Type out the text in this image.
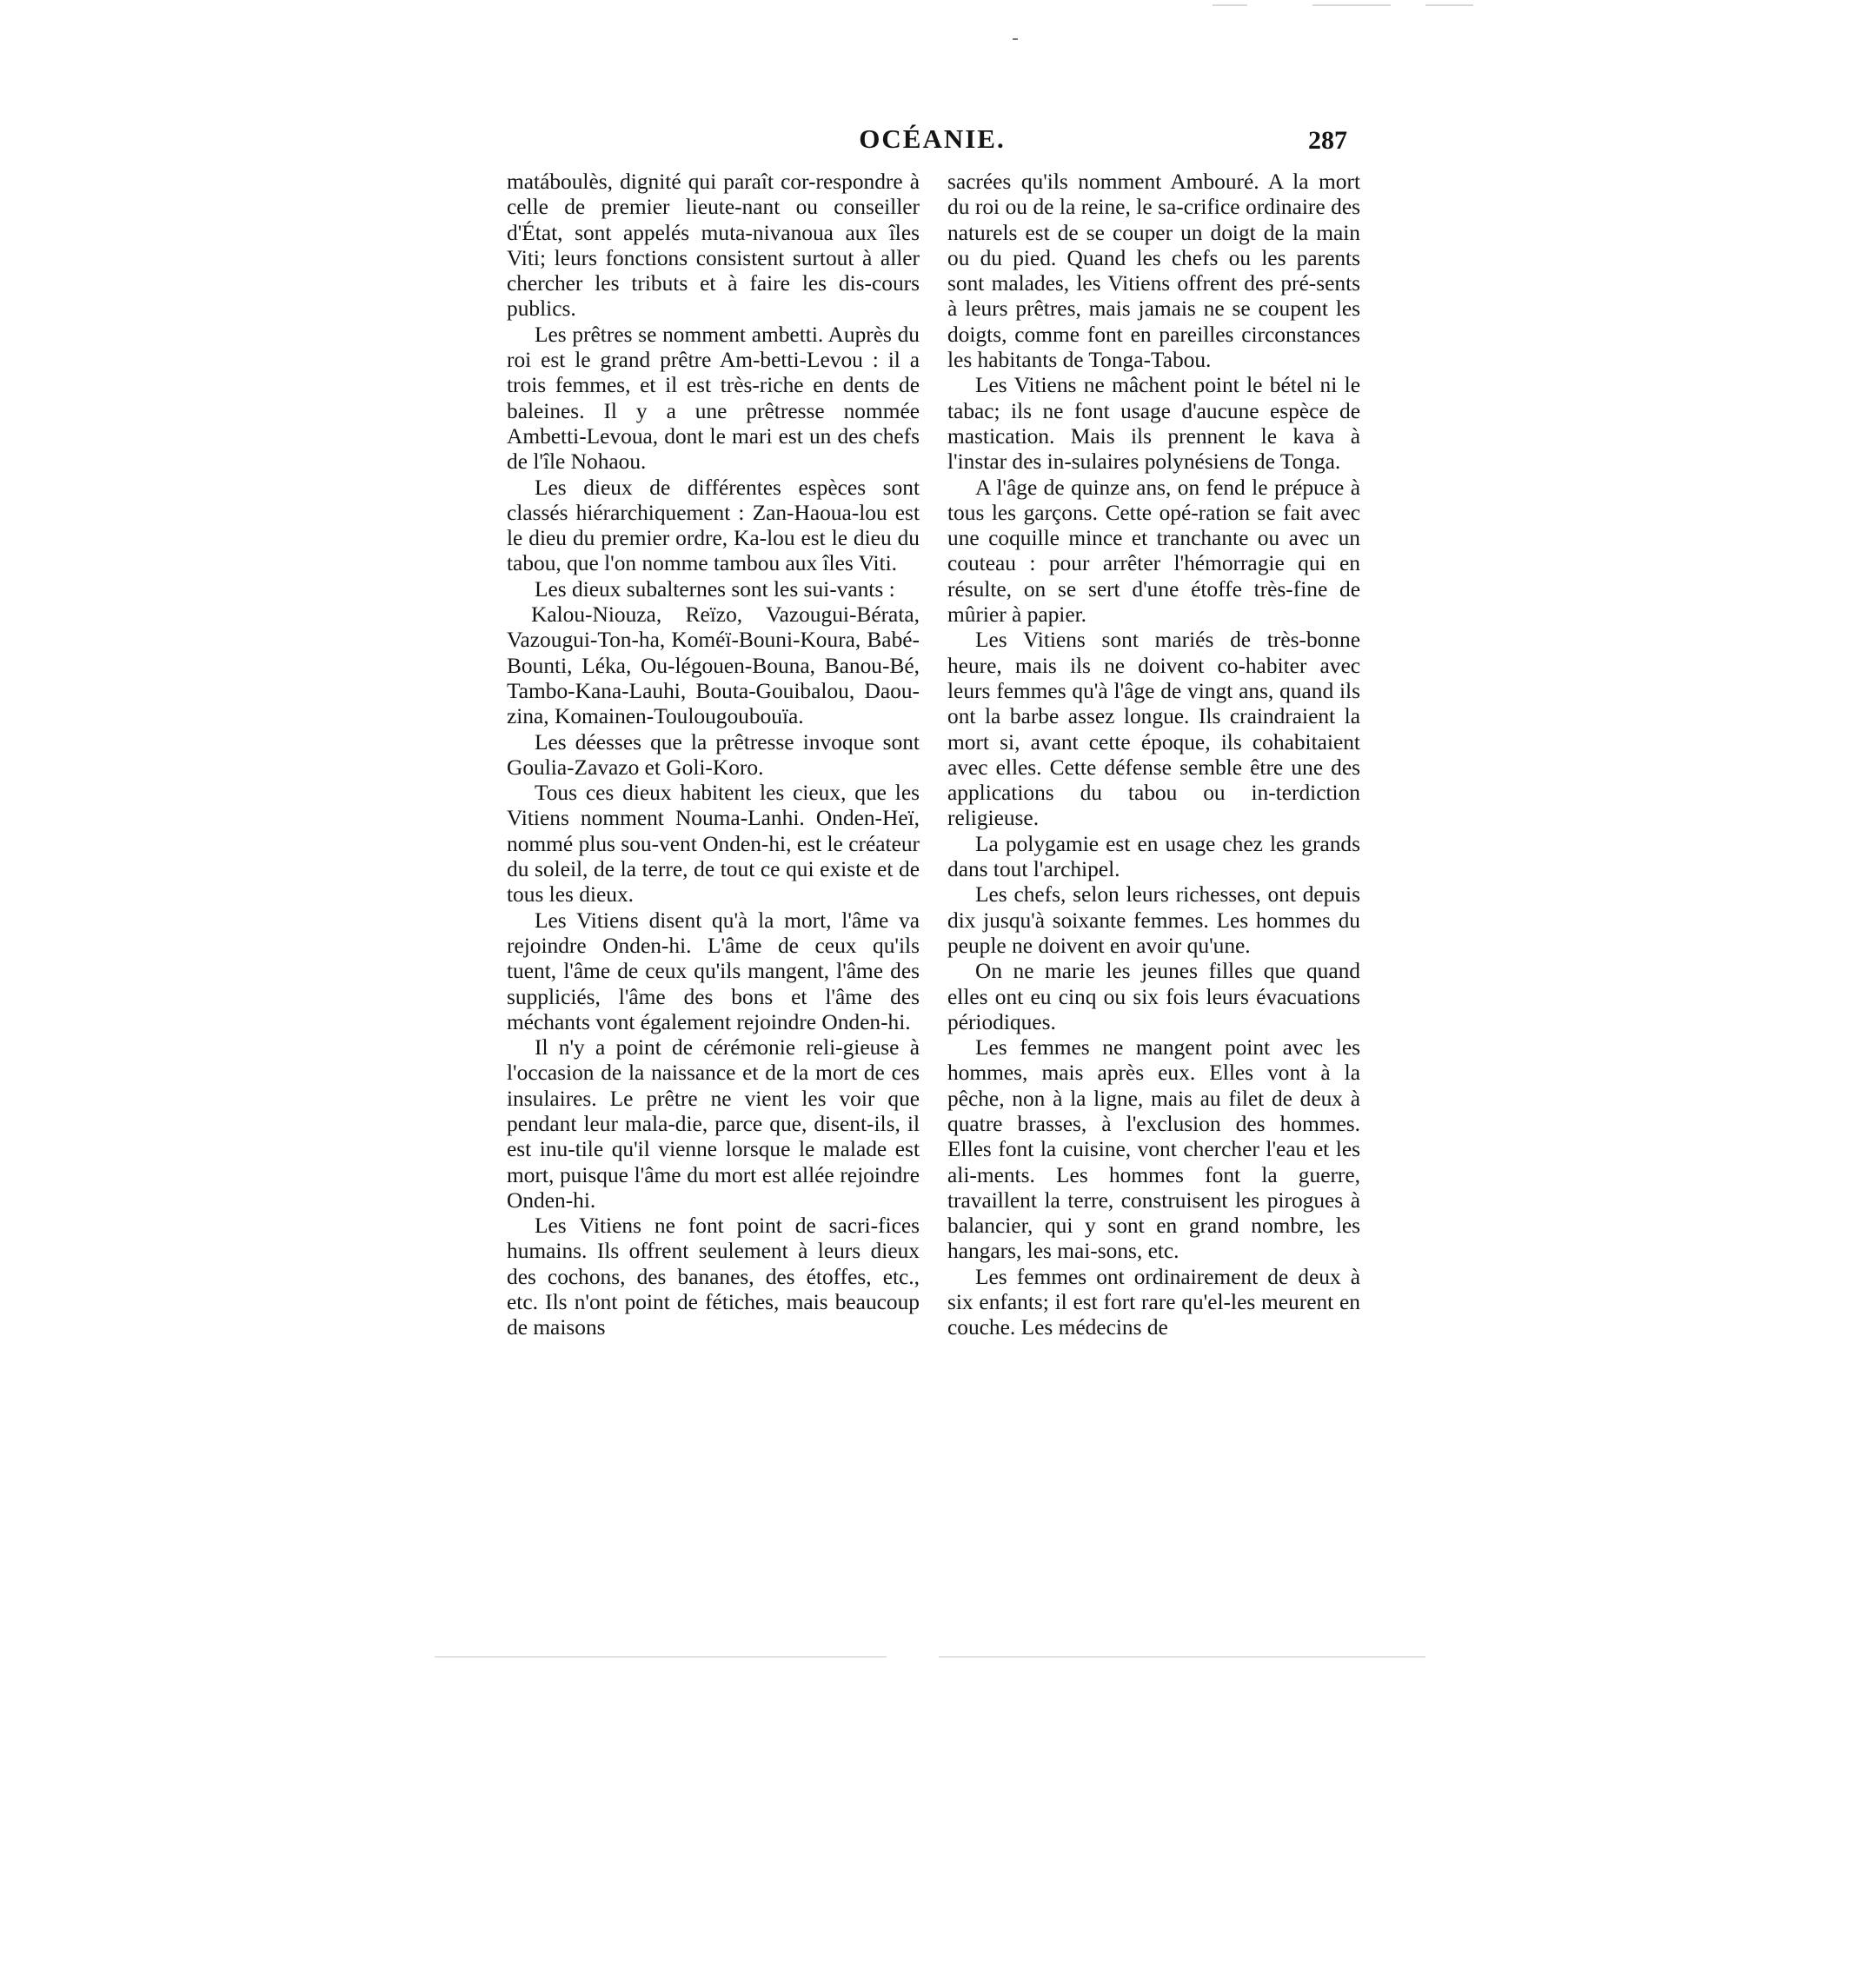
OCÉANIE.	287

matáboulès, dignité qui paraît cor-respondre à celle de premier lieute-nant ou conseiller d'État, sont appelés muta-nivanoua aux îles Viti; leurs fonctions consistent surtout à aller chercher les tributs et à faire les dis-cours publics.

Les prêtres se nomment ambetti. Auprès du roi est le grand prêtre Am-betti-Levou : il a trois femmes, et il est très-riche en dents de baleines. Il y a une prêtresse nommée Ambetti-Levoua, dont le mari est un des chefs de l'île Nohaou.

Les dieux de différentes espèces sont classés hiérarchiquement : Zan-Haoua-lou est le dieu du premier ordre, Ka-lou est le dieu du tabou, que l'on nomme tambou aux îles Viti.

Les dieux subalternes sont les sui-vants :

Kalou-Niouza, Reïzo, Vazougui-Bérata, Vazougui-Ton-ha, Koméï-Bouni-Koura, Babé-Bounti, Léka, Ou-légouen-Bouna, Banou-Bé, Tambo-Kana-Lauhi, Bouta-Gouibalou, Daou-zina, Komainen-Toulougoubouïa.

Les déesses que la prêtresse invoque sont Goulia-Zavazo et Goli-Koro.

Tous ces dieux habitent les cieux, que les Vitiens nomment Nouma-Lanhi. Onden-Heï, nommé plus sou-vent Onden-hi, est le créateur du soleil, de la terre, de tout ce qui existe et de tous les dieux.

Les Vitiens disent qu'à la mort, l'âme va rejoindre Onden-hi. L'âme de ceux qu'ils tuent, l'âme de ceux qu'ils mangent, l'âme des suppliciés, l'âme des bons et l'âme des méchants vont également rejoindre Onden-hi.

Il n'y a point de cérémonie reli-gieuse à l'occasion de la naissance et de la mort de ces insulaires. Le prêtre ne vient les voir que pendant leur mala-die, parce que, disent-ils, il est inu-tile qu'il vienne lorsque le malade est mort, puisque l'âme du mort est allée rejoindre Onden-hi.

Les Vitiens ne font point de sacri-fices humains. Ils offrent seulement à leurs dieux des cochons, des bananes, des étoffes, etc., etc. Ils n'ont point de fétiches, mais beaucoup de maisons

sacrées qu'ils nomment Ambouré. A la mort du roi ou de la reine, le sa-crifice ordinaire des naturels est de se couper un doigt de la main ou du pied. Quand les chefs ou les parents sont malades, les Vitiens offrent des pré-sents à leurs prêtres, mais jamais ne se coupent les doigts, comme font en pareilles circonstances les habitants de Tonga-Tabou.

Les Vitiens ne mâchent point le bétel ni le tabac; ils ne font usage d'aucune espèce de mastication. Mais ils prennent le kava à l'instar des in-sulaires polynésiens de Tonga.

A l'âge de quinze ans, on fend le prépuce à tous les garçons. Cette opé-ration se fait avec une coquille mince et tranchante ou avec un couteau : pour arrêter l'hémorragie qui en résulte, on se sert d'une étoffe très-fine de mûrier à papier.

Les Vitiens sont mariés de très-bonne heure, mais ils ne doivent co-habiter avec leurs femmes qu'à l'âge de vingt ans, quand ils ont la barbe assez longue. Ils craindraient la mort si, avant cette époque, ils cohabitaient avec elles. Cette défense semble être une des applications du tabou ou in-terdiction religieuse.

La polygamie est en usage chez les grands dans tout l'archipel.

Les chefs, selon leurs richesses, ont depuis dix jusqu'à soixante femmes. Les hommes du peuple ne doivent en avoir qu'une.

On ne marie les jeunes filles que quand elles ont eu cinq ou six fois leurs évacuations périodiques.

Les femmes ne mangent point avec les hommes, mais après eux. Elles vont à la pêche, non à la ligne, mais au filet de deux à quatre brasses, à l'exclusion des hommes. Elles font la cuisine, vont chercher l'eau et les ali-ments. Les hommes font la guerre, travaillent la terre, construisent les pirogues à balancier, qui y sont en grand nombre, les hangars, les mai-sons, etc.

Les femmes ont ordinairement de deux à six enfants; il est fort rare qu'el-les meurent en couche. Les médecins de
